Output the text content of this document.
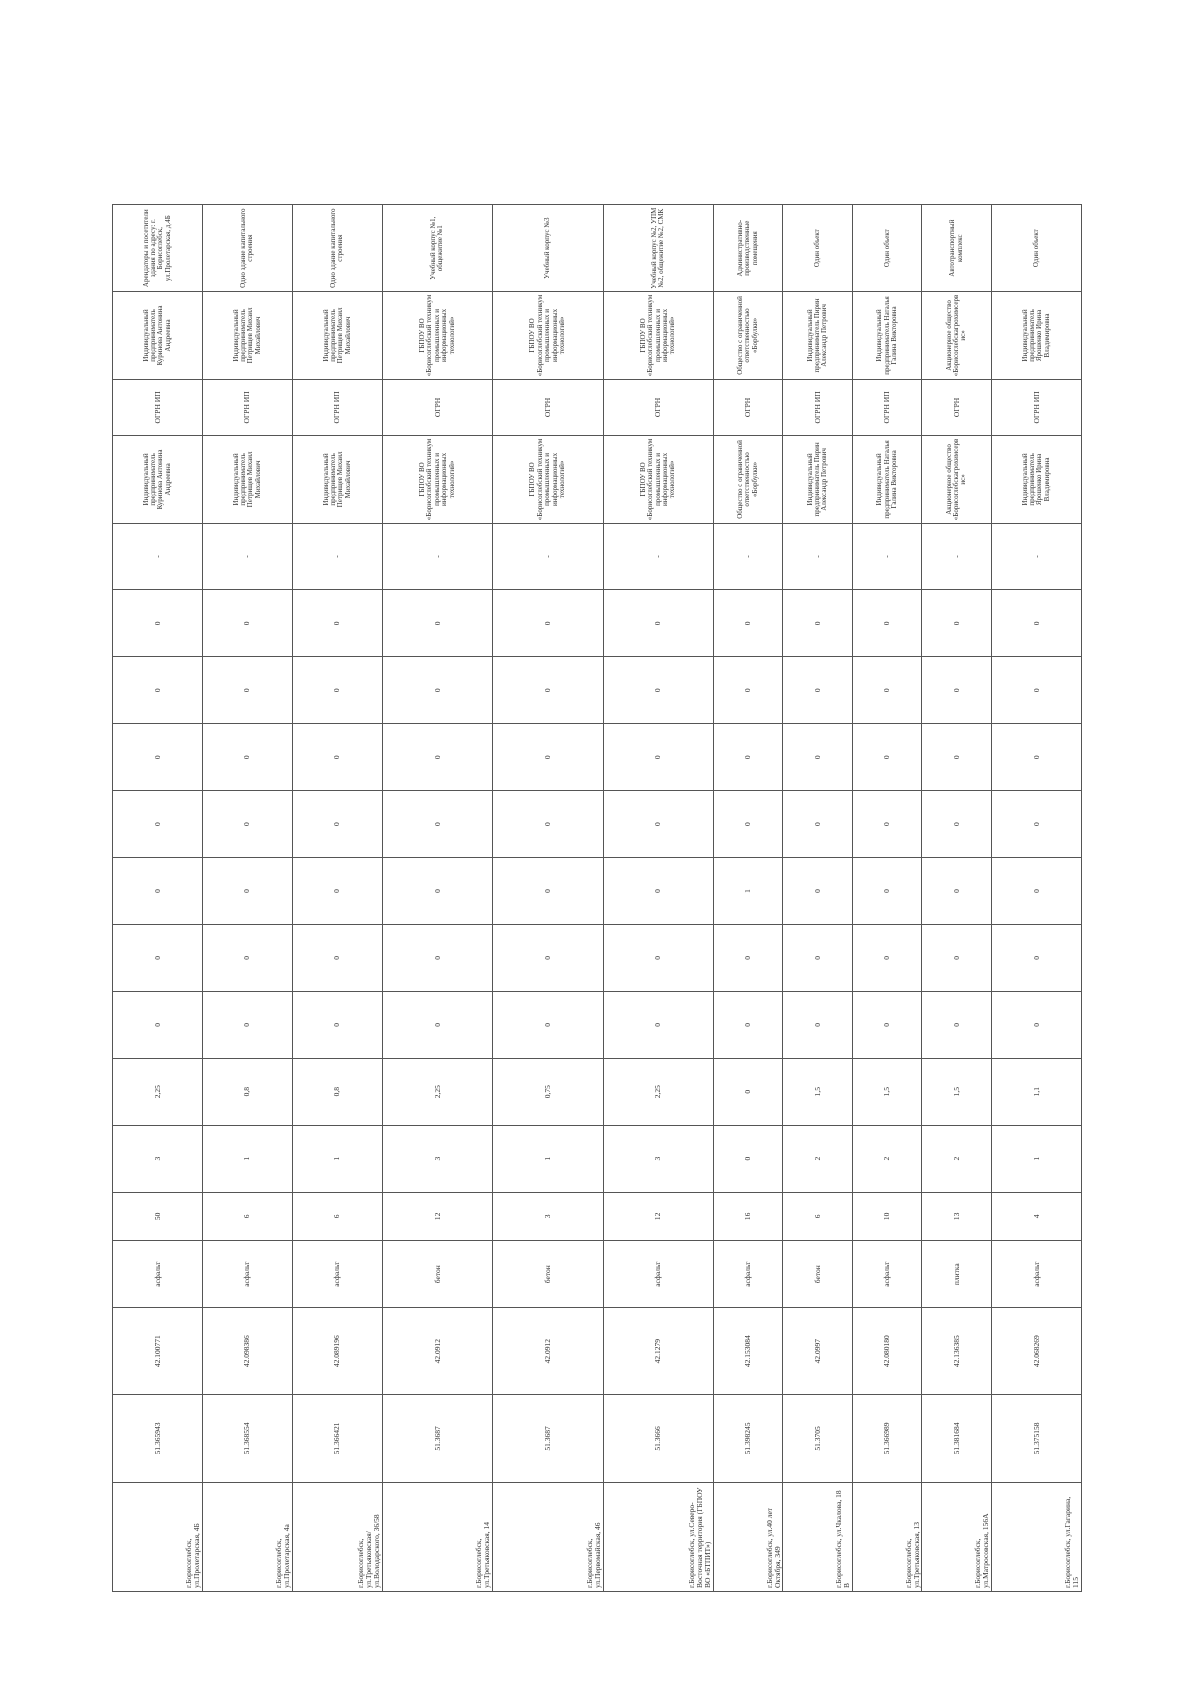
г.Борисоглебск, ул.Пролетарская, 4Б	51.365943	42.100771	асфальт	50	3	2,25	0	0	0	0	0	0	0	-	Индивидуальный предприниматель Куринова Антонина Андреевна	ОГРН ИП	Индивидуальный предприниматель Куринова Антонина Андреевна	Арендаторы и посетители здания по адресу: г. Борисоглебск, ул.Пролетарская, д.4Б
г.Борисоглебск, ул.Пролетарская, 4а	51.368554	42.098386	асфальт	6	1	0,8	0	0	0	0	0	0	0	-	Индивидуальный предприниматель Петрищев Михаил Михайлович	ОГРН ИП	Индивидуальный предприниматель Петрищев Михаил Михайлович	Одно здание капитального строения
г.Борисоглебск, ул.Третьяковская/ул.Володарского, 36/58	51.366421	42.089196	асфальт	6	1	0,8	0	0	0	0	0	0	0	-	Индивидуальный предприниматель Петрищев Михаил Михайлович	ОГРН ИП	Индивидуальный предприниматель Петрищев Михаил Михайлович	Одно здание капитального строения
г.Борисоглебск, ул.Третьяковская, 14	51.3687	42.0912	бетон	12	3	2,25	0	0	0	0	0	0	0	-	ГБПОУ ВО «Борисоглебский техникум промышленных и информационных технологий»	ОГРН	ГБПОУ ВО «Борисоглебский техникум промышленных и информационных технологий»	Учебный корпус №1, общежитие №1
г.Борисоглебск, ул.Первомайская, 46	51.3687	42.0912	бетон	3	1	0,75	0	0	0	0	0	0	0	-	ГБПОУ ВО «Борисоглебский техникум промышленных и информационных технологий»	ОГРН	ГБПОУ ВО «Борисоглебский техникум промышленных и информационных технологий»	Учебный корпус №3
г.Борисоглебск, ул.Северо-Восточная территория (ГБПОУ ВО «БТПИТ»)	51.3666	42.1279	асфальт	12	3	2,25	0	0	0	0	0	0	0	-	ГБПОУ ВО «Борисоглебский техникум промышленных и информационных технологий»	ОГРН	ГБПОУ ВО «Борисоглебский техникум промышленных и информационных технологий»	Учебный корпус №2, УПМ №2, общежитие №2, СМК
г.Борисоглебск, ул.40 лет Октября, 349	51.398245	42.153084	асфальт	16	0	0	0	0	1	0	0	0	0	-	Общество с ограниченной ответственностью «Борбулки»	ОГРН	Общество с ограниченной ответственностью «Борбулки»	Административно-производственные помещения
г.Борисоглебск, ул.Чкалова, 18 В	51.3705	42.0997	бетон	6	2	1,5	0	0	0	0	0	0	0	-	Индивидуальный предприниматель Пирин Александр Петрович	ОГРН ИП	Индивидуальный предприниматель Пирин Александр Петрович	Один объект
г.Борисоглебск, ул.Третьяковская, 13	51.366989	42.080180	асфальт	10	2	1,5	0	0	0	0	0	0	0	-	Индивидуальный предприниматель Наталья Галина Викторовна	ОГРН ИП	Индивидуальный предприниматель Наталья Галина Викторовна	Один объект
г.Борисоглебск, ул.Матросовская, 156А	51.381684	42.136385	плитка	13	2	1,5	0	0	0	0	0	0	0	-	Акционерное общество «Борисоглебскагрохимсервис»	ОГРН	Акционерное общество «Борисоглебскагрохимсервис»	Автотранспортный комплекс
г.Борисоглебск, ул.Гагарина, 115	51.375158	42.068269	асфальт	4	1	1,1	0	0	0	0	0	0	0	-	Индивидуальный предприниматель Ярошенко Ирина Владимировна	ОГРН ИП	Индивидуальный предприниматель Ярошенко Ирина Владимировна	Один объект
